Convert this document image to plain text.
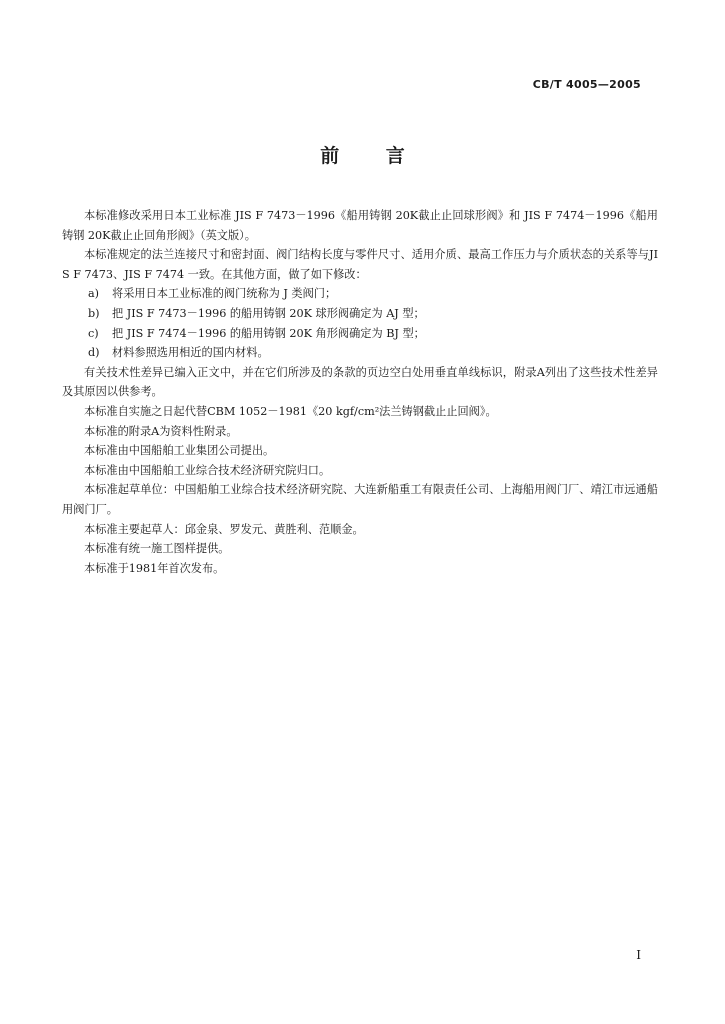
CB/T 4005—2005
前 言

本标准修改采用日本工业标准 JIS F 7473－1996《船用铸钢 20K截止止回球形阀》和 JIS F 7474－1996《船用铸钢 20K截止止回角形阀》（英文版）。

本标准规定的法兰连接尺寸和密封面、阀门结构长度与零件尺寸、适用介质、最高工作压力与介质状态的关系等与JIS F 7473、JIS F 7474 一致。在其他方面，做了如下修改：

a)	将采用日本工业标准的阀门统称为 J 类阀门；

b)	把 JIS F 7473－1996 的船用铸钢 20K 球形阀确定为 AJ 型；

c)	把 JIS F 7474－1996 的船用铸钢 20K 角形阀确定为 BJ 型；

d)	材料参照选用相近的国内材料。

有关技术性差异已编入正文中，并在它们所涉及的条款的页边空白处用垂直单线标识，附录A列出了这些技术性差异及其原因以供参考。

本标准自实施之日起代替CBM 1052－1981《20 kgf/cm²法兰铸钢截止止回阀》。

本标准的附录A为资料性附录。

本标准由中国船舶工业集团公司提出。

本标准由中国船舶工业综合技术经济研究院归口。

本标准起草单位：中国船舶工业综合技术经济研究院、大连新船重工有限责任公司、上海船用阀门厂、靖江市远通船用阀门厂。

本标准主要起草人：邱金泉、罗发元、黄胜利、范顺金。

本标准有统一施工图样提供。

本标准于1981年首次发布。

I
